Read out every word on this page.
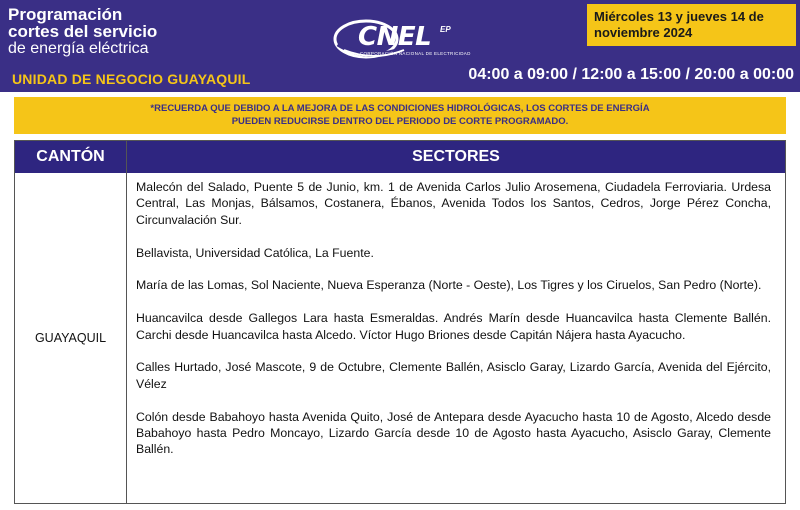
Programación
cortes del servicio
de energía eléctrica
UNIDAD DE NEGOCIO GUAYAQUIL
CNEL EP
CORPORACIÓN NACIONAL DE ELECTRICIDAD
Miércoles 13 y jueves 14 de
noviembre 2024
04:00 a 09:00 / 12:00 a 15:00 / 20:00 a 00:00
*RECUERDA QUE DEBIDO A LA MEJORA DE LAS CONDICIONES HIDROLÓGICAS, LOS CORTES DE ENERGÍA
PUEDEN REDUCIRSE DENTRO DEL PERIODO DE CORTE PROGRAMADO.
CANTÓN	SECTORES
GUAYAQUIL

Malecón del Salado, Puente 5 de Junio, km. 1 de Avenida Carlos Julio Arosemena, Ciudadela Ferroviaria. Urdesa Central, Las Monjas, Bálsamos, Costanera, Ébanos, Avenida Todos los Santos, Cedros, Jorge Pérez Concha, Circunvalación Sur.

Bellavista, Universidad Católica, La Fuente.

María de las Lomas, Sol Naciente, Nueva Esperanza (Norte - Oeste), Los Tigres y los Ciruelos, San Pedro (Norte).

Huancavilca desde Gallegos Lara hasta Esmeraldas. Andrés Marín desde Huancavilca hasta Clemente Ballén. Carchi desde Huancavilca hasta Alcedo. Víctor Hugo Briones desde Capitán Nájera hasta Ayacucho.

Calles Hurtado, José Mascote, 9 de Octubre, Clemente Ballén, Asisclo Garay, Lizardo García, Avenida del Ejército, Vélez

Colón desde Babahoyo hasta Avenida Quito, José de Antepara desde Ayacucho hasta 10 de Agosto, Alcedo desde Babahoyo hasta Pedro Moncayo, Lizardo García desde 10 de Agosto hasta Ayacucho, Asisclo Garay, Clemente Ballén.
